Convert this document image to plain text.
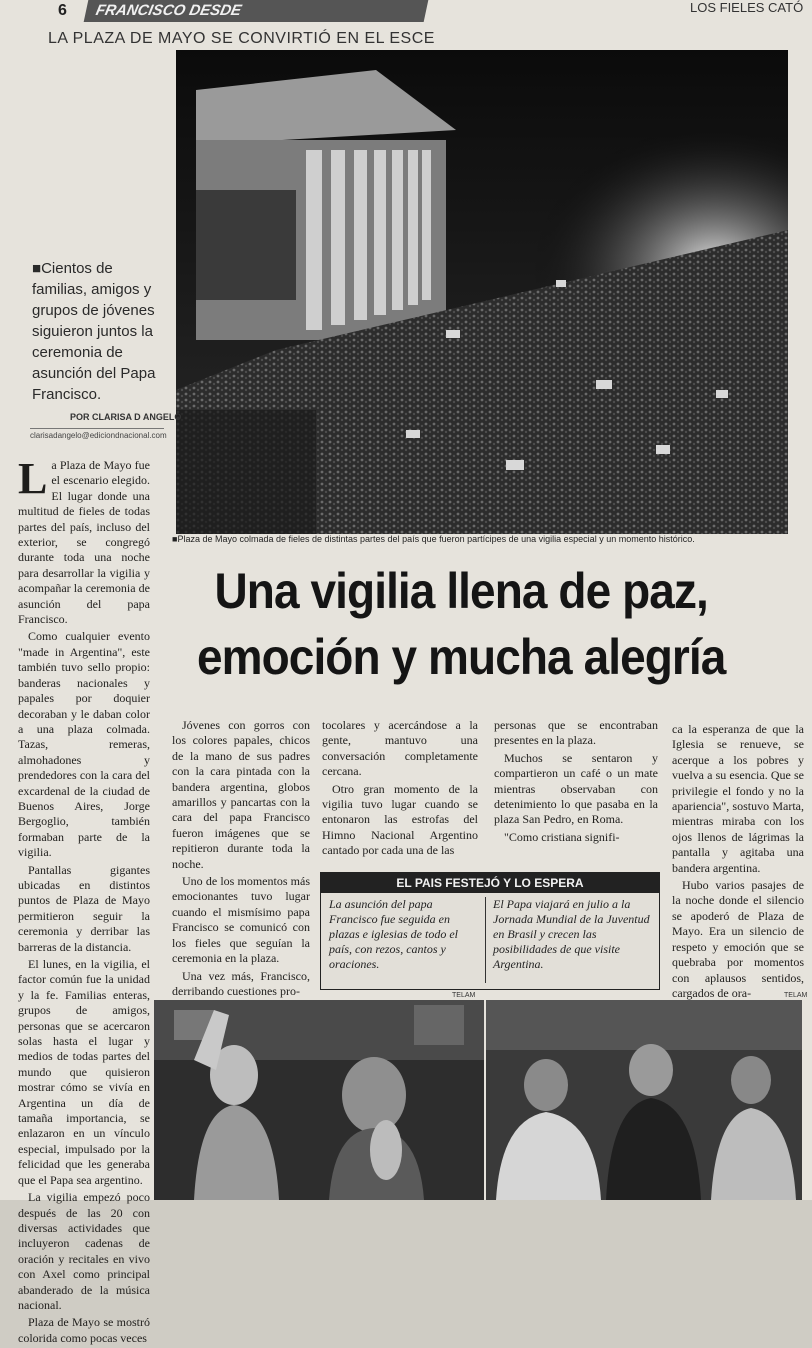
6	FRANCISCO DESDE	LOS FIELES CATÓ
LA PLAZA DE MAYO SE CONVIRTIÓ EN EL ESCE
■Cientos de familias, amigos y grupos de jóvenes siguieron juntos la ceremonia de asunción del Papa Francisco.
POR CLARISA D ANGELO
clarisadangelo@ediciondnacional.com
■Plaza de Mayo colmada de fieles de distintas partes del país que fueron partícipes de una vigilia especial y un momento histórico.
Una vigilia llena de paz,
emoción y mucha alegría

La Plaza de Mayo fue el escenario elegido. El lugar donde una multitud de fieles de todas partes del país, incluso del exterior, se congregó durante toda una noche para desarrollar la vigilia y acompañar la ceremonia de asunción del papa Francisco.

Como cualquier evento "made in Argentina", este también tuvo sello propio: banderas nacionales y papales por doquier decoraban y le daban color a una plaza colmada. Tazas, remeras, almohadones y prendedores con la cara del excardenal de la ciudad de Buenos Aires, Jorge Bergoglio, también formaban parte de la vigilia.

Pantallas gigantes ubicadas en distintos puntos de Plaza de Mayo permitieron seguir la ceremonia y derribar las barreras de la distancia.

El lunes, en la vigilia, el factor común fue la unidad y la fe. Familias enteras, grupos de amigos, personas que se acercaron solas hasta el lugar y medios de todas partes del mundo que quisieron mostrar cómo se vivía en Argentina un día de tamaña importancia, se enlazaron en un vínculo especial, impulsado por la felicidad que les generaba que el Papa sea argentino.

La vigilia empezó poco después de las 20 con diversas actividades que incluyeron cadenas de oración y recitales en vivo con Axel como principal abanderado de la música nacional.

Plaza de Mayo se mostró colorida como pocas veces

Jóvenes con gorros con los colores papales, chicos de la mano de sus padres con la cara pintada con la bandera argentina, globos amarillos y pancartas con la cara del papa Francisco fueron imágenes que se repitieron durante toda la noche.

Uno de los momentos más emocionantes tuvo lugar cuando el mismísimo papa Francisco se comunicó con los fieles que seguían la ceremonia en la plaza.

Una vez más, Francisco, derribando cuestiones pro-

tocolares y acercándose a la gente, mantuvo una conversación completamente cercana.

Otro gran momento de la vigilia tuvo lugar cuando se entonaron las estrofas del Himno Nacional Argentino cantado por cada una de las

personas que se encontraban presentes en la plaza.

Muchos se sentaron y compartieron un café o un mate mientras observaban con detenimiento lo que pasaba en la plaza San Pedro, en Roma.

"Como cristiana signifi-

ca la esperanza de que la Iglesia se renueve, se acerque a los pobres y vuelva a su esencia. Que se privilegie el fondo y no la apariencia", sostuvo Marta, mientras miraba con los ojos llenos de lágrimas la pantalla y agitaba una bandera argentina.

Hubo varios pasajes de la noche donde el silencio se apoderó de Plaza de Mayo. Era un silencio de respeto y emoción que se quebraba por momentos con aplausos sentidos, cargados de ora-

EL PAIS FESTEJÓ Y LO ESPERA
La asunción del papa Francisco fue seguida en plazas e iglesias de todo el país, con rezos, cantos y oraciones.
El Papa viajará en julio a la Jornada Mundial de la Juventud en Brasil y crecen las posibilidades de que visite Argentina.
TELAM	TELAM
